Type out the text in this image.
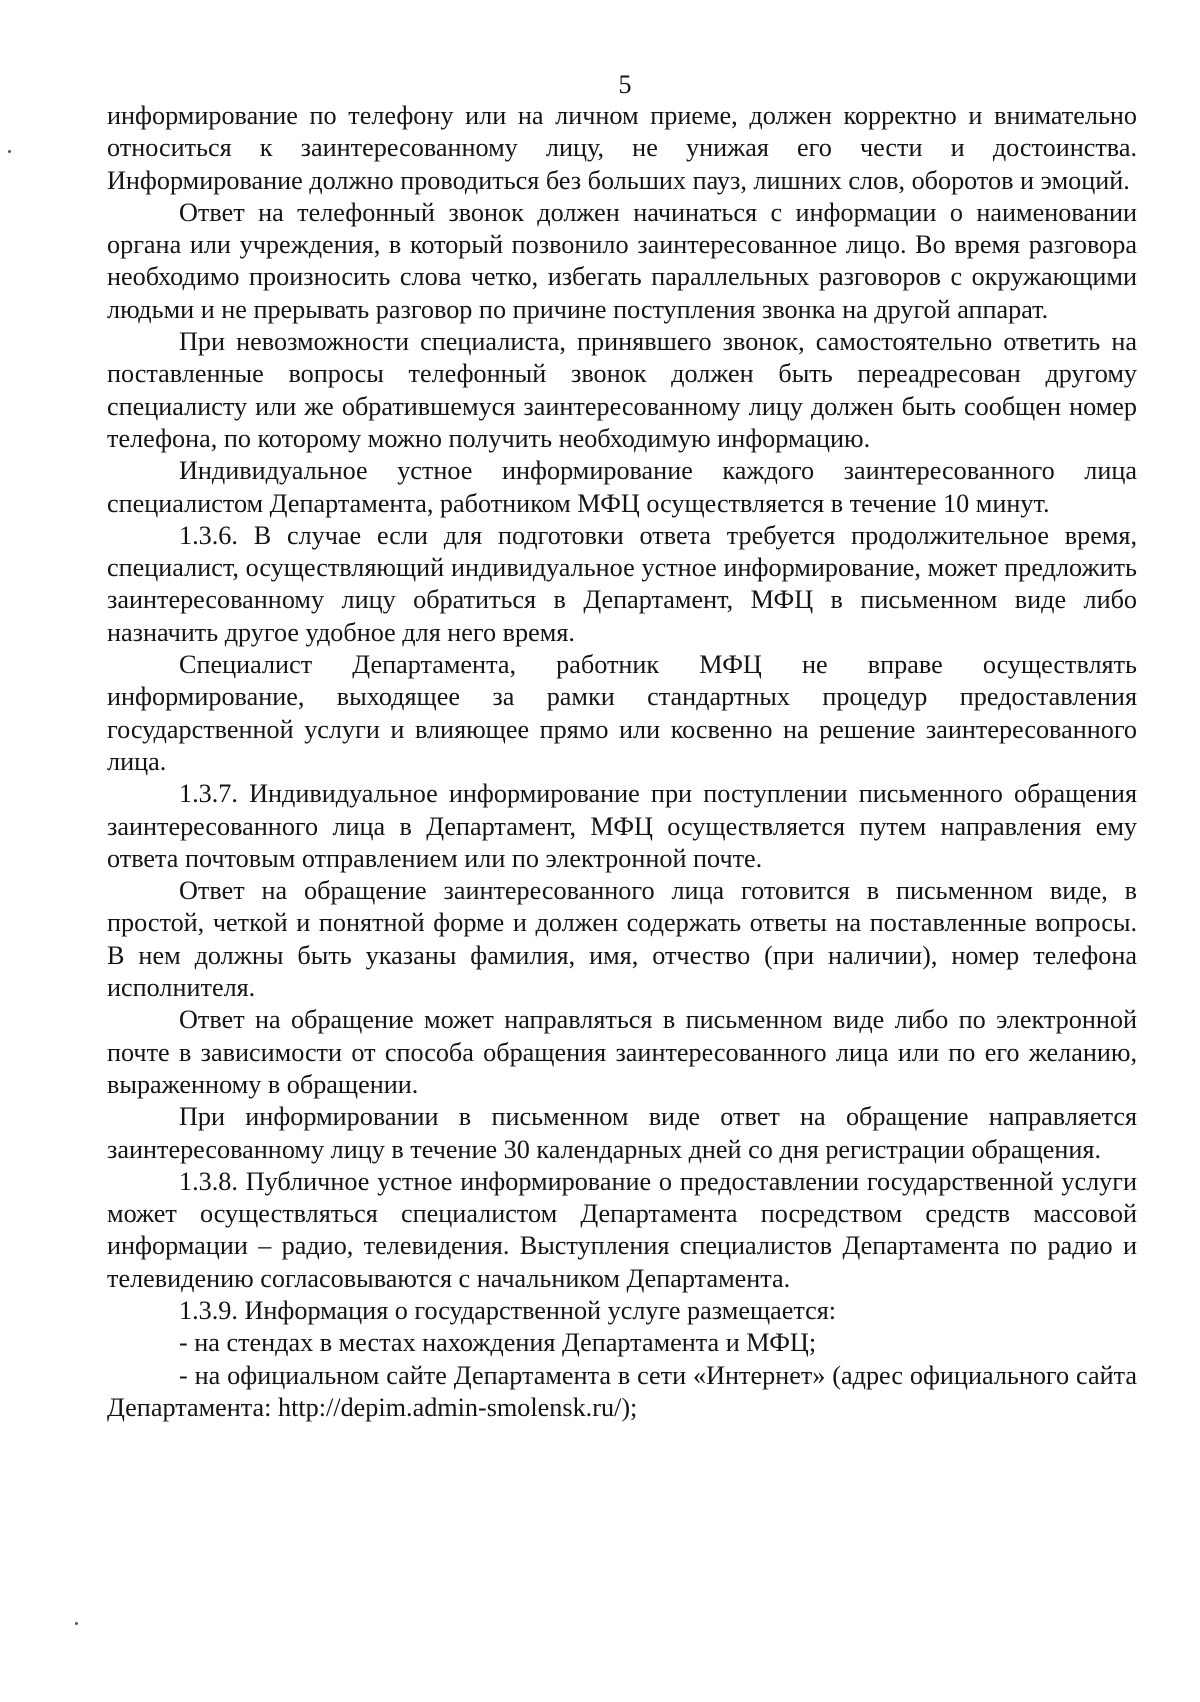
5

информирование по телефону или на личном приеме, должен корректно и внимательно относиться к заинтересованному лицу, не унижая его чести и достоинства. Информирование должно проводиться без больших пауз, лишних слов, оборотов и эмоций.

Ответ на телефонный звонок должен начинаться с информации о наименовании органа или учреждения, в который позвонило заинтересованное лицо. Во время разговора необходимо произносить слова четко, избегать параллельных разговоров с окружающими людьми и не прерывать разговор по причине поступления звонка на другой аппарат.

При невозможности специалиста, принявшего звонок, самостоятельно ответить на поставленные вопросы телефонный звонок должен быть переадресован другому специалисту или же обратившемуся заинтересованному лицу должен быть сообщен номер телефона, по которому можно получить необходимую информацию.

Индивидуальное устное информирование каждого заинтересованного лица специалистом Департамента, работником МФЦ осуществляется в течение 10 минут.

1.3.6. В случае если для подготовки ответа требуется продолжительное время, специалист, осуществляющий индивидуальное устное информирование, может предложить заинтересованному лицу обратиться в Департамент, МФЦ в письменном виде либо назначить другое удобное для него время.

Специалист Департамента, работник МФЦ не вправе осуществлять информирование, выходящее за рамки стандартных процедур предоставления государственной услуги и влияющее прямо или косвенно на решение заинтересованного лица.

1.3.7. Индивидуальное информирование при поступлении письменного обращения заинтересованного лица в Департамент, МФЦ осуществляется путем направления ему ответа почтовым отправлением или по электронной почте.

Ответ на обращение заинтересованного лица готовится в письменном виде, в простой, четкой и понятной форме и должен содержать ответы на поставленные вопросы. В нем должны быть указаны фамилия, имя, отчество (при наличии), номер телефона исполнителя.

Ответ на обращение может направляться в письменном виде либо по электронной почте в зависимости от способа обращения заинтересованного лица или по его желанию, выраженному в обращении.

При информировании в письменном виде ответ на обращение направляется заинтересованному лицу в течение 30 календарных дней со дня регистрации обращения.

1.3.8. Публичное устное информирование о предоставлении государственной услуги может осуществляться специалистом Департамента посредством средств массовой информации – радио, телевидения. Выступления специалистов Департамента по радио и телевидению согласовываются с начальником Департамента.

1.3.9. Информация о государственной услуге размещается:

- на стендах в местах нахождения Департамента и МФЦ;

- на официальном сайте Департамента в сети «Интернет» (адрес официального сайта Департамента: http://depim.admin-smolensk.ru/);
